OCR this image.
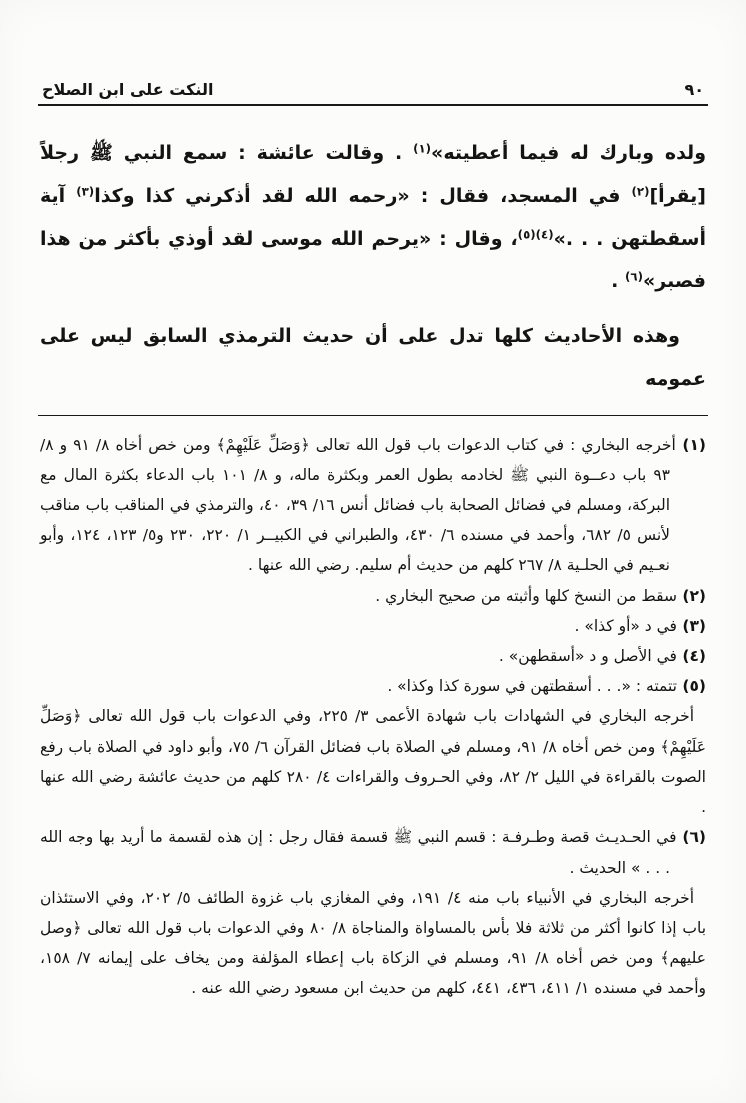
٩٠
النكت على ابن الصلاح

ولده وبارك له فيما أعطيته»$^{(١)}$ . وقالت عائشة : سمع النبي ﷺ رجلاً [يقرأ]$^{(٢)}$ في المسجد، فقال : «رحمه الله لقد أذكرني كذا وكذا$^{(٣)}$ آية أسقطتهن . . .»$^{(٤)(٥)}$، وقال : «يرحم الله موسى لقد أوذي بأكثر من هذا فصبر»$^{(٦)}$ .

وهذه الأحاديث كلها تدل على أن حديث الترمذي السابق ليس على عمومه

(١) أخرجه البخاري : في كتاب الدعوات باب قول الله تعالى ﴿وَصَلِّ عَلَيْهِمْ﴾ ومن خص أخاه ٨/ ٩١ و ٨/ ٩٣ باب دعــوة النبي ﷺ لخادمه بطول العمر وبكثرة ماله، و ٨/ ١٠١ باب الدعاء بكثرة المال مع البركة، ومسلم في فضائل الصحابة باب فضائل أنس ١٦/ ٣٩، ٤٠، والترمذي في المناقب باب مناقب لأنس ٥/ ٦٨٢، وأحمد في مسنده ٦/ ٤٣٠، والطبراني في الكبيــر ١/ ٢٢٠، ٢٣٠ و٥/ ١٢٣، ١٢٤، وأبو نعـيم في الحلـية ٨/ ٢٦٧ كلهم من حديث أم سليم. رضي الله عنها .

(٢) سقط من النسخ كلها وأثبته من صحيح البخاري .

(٣) في د «أو كذا» .

(٤) في الأصل و د «أسقطهن» .

(٥) تتمته : «. . . أسقطتهن في سورة كذا وكذا» .

أخرجه البخاري في الشهادات باب شهادة الأعمى ٣/ ٢٢٥، وفي الدعوات باب قول الله تعالى ﴿وَصَلِّ عَلَيْهِمْ﴾ ومن خص أخاه ٨/ ٩١، ومسلم في الصلاة باب فضائل القرآن ٦/ ٧٥، وأبو داود في الصلاة باب رفع الصوت بالقراءة في الليل ٢/ ٨٢، وفي الحـروف والقراءات ٤/ ٢٨٠ كلهم من حديث عائشة رضي الله عنها .

(٦) في الحـديـث قصة وطـرفـة : قسم النبي ﷺ قسمة فقال رجل : إن هذه لقسمة ما أريد بها وجه الله . . . » الحديث .

أخرجه البخاري في الأنبياء باب منه ٤/ ١٩١، وفي المغازي باب غزوة الطائف ٥/ ٢٠٢، وفي الاستئذان باب إذا كانوا أكثر من ثلاثة فلا بأس بالمساواة والمناجاة ٨/ ٨٠ وفي الدعوات باب قول الله تعالى ﴿وصل عليهم﴾ ومن خص أخاه ٨/ ٩١، ومسلم في الزكاة باب إعطاء المؤلفة ومن يخاف على إيمانه ٧/ ١٥٨، وأحمد في مسنده ١/ ٤١١، ٤٣٦، ٤٤١، كلهم من حديث ابن مسعود رضي الله عنه .
